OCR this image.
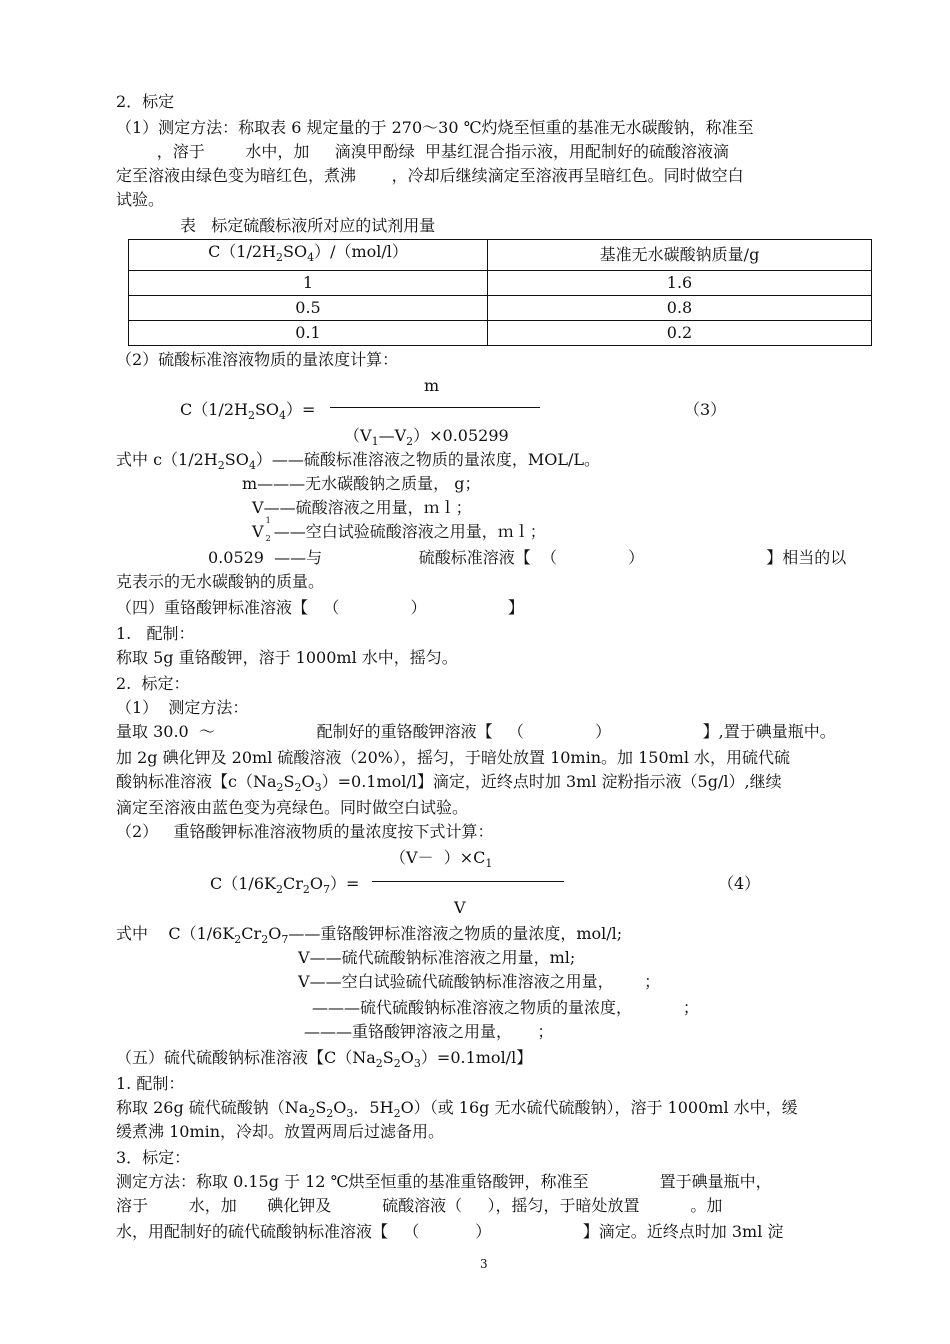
2．标定
（1）测定方法：称取表 6 规定量的于 270～30 ℃灼烧至恒重的基准无水碳酸钠，称准至
，溶于        水中，加     滴溴甲酚绿  甲基红混合指示液，用配制好的硫酸溶液滴
定至溶液由绿色变为暗红色，煮沸       ，冷却后继续滴定至溶液再呈暗红色。同时做空白
试验。
表   标定硫酸标液所对应的试剂用量
$C(1/2H_2SO_4)/(mol/l)$	基准无水碳酸钠质量/g
1	1.6
0.5	0.8
0.1	0.2
（2）硫酸标准溶液物质的量浓度计算：
m
$C(1/2H_2SO_4)=$	（3）
$(V_1—V_2)\times 0.05299$
式中 $c(1/2H_2SO_4)——$硫酸标准溶液之物质的量浓度，MOL/L。
m———无水碳酸钠之质量， g；
V——硫酸溶液之用量，ｍｌ；
$V^1_2$ ——空白试验硫酸溶液之用量，ｍｌ；
0.0529  ——与                   硫酸标准溶液【  （              ）                        】相当的以
克表示的无水碳酸钠的质量。
（四）重铬酸钾标准溶液【   （              ）                】
1.   配制：
称取 5g 重铬酸钾，溶于 1000ml 水中，摇匀。
2.  标定：
（1）  测定方法：
量取 30.0  ～                    配制好的重铬酸钾溶液【   （              ）                  】,置于碘量瓶中。
加 2g 碘化钾及 20ml 硫酸溶液（20%），摇匀，于暗处放置 10min。加 150ml 水，用硫代硫
酸钠标准溶液【$c(Na_2S_2O_3)=0.1mol/l$】滴定，近终点时加 3ml 淀粉指示液（5g/l）,继续
滴定至溶液由蓝色变为亮绿色。同时做空白试验。
（2）   重铬酸钾标准溶液物质的量浓度按下式计算：
$(V- )\times C_1$
$C(1/6K_2Cr_2O_7)=$	（4）
V
式中    $C(1/6K_2Cr_2O_7——$重铬酸钾标准溶液之物质的量浓度，mol/l;
V——硫代硫酸钠标准溶液之用量，ml;
V——空白试验硫代硫酸钠标准溶液之用量，      ；
———硫代硫酸钠标准溶液之物质的量浓度，          ；
———重铬酸钾溶液之用量，     ；
（五）硫代硫酸钠标准溶液【$C(Na_2S_2O_3)=0.1mol/l$】
1. 配制：
称取 26g 硫代硫酸钠（$Na_2S_2O_3$．$5H_2O$）（或 16g 无水硫代硫酸钠），溶于 1000ml 水中，缓
缓煮沸 10min，冷却。放置两周后过滤备用。
3．标定：
测定方法：称取 0.15g 于 12 ℃烘至恒重的基准重铬酸钾，称准至              置于碘量瓶中，
溶于        水，加      碘化钾及          硫酸溶液（     ），摇匀，于暗处放置          。加
水，用配制好的硫代硫酸钠标准溶液【   （           ）                  】滴定。近终点时加 3ml 淀
3
